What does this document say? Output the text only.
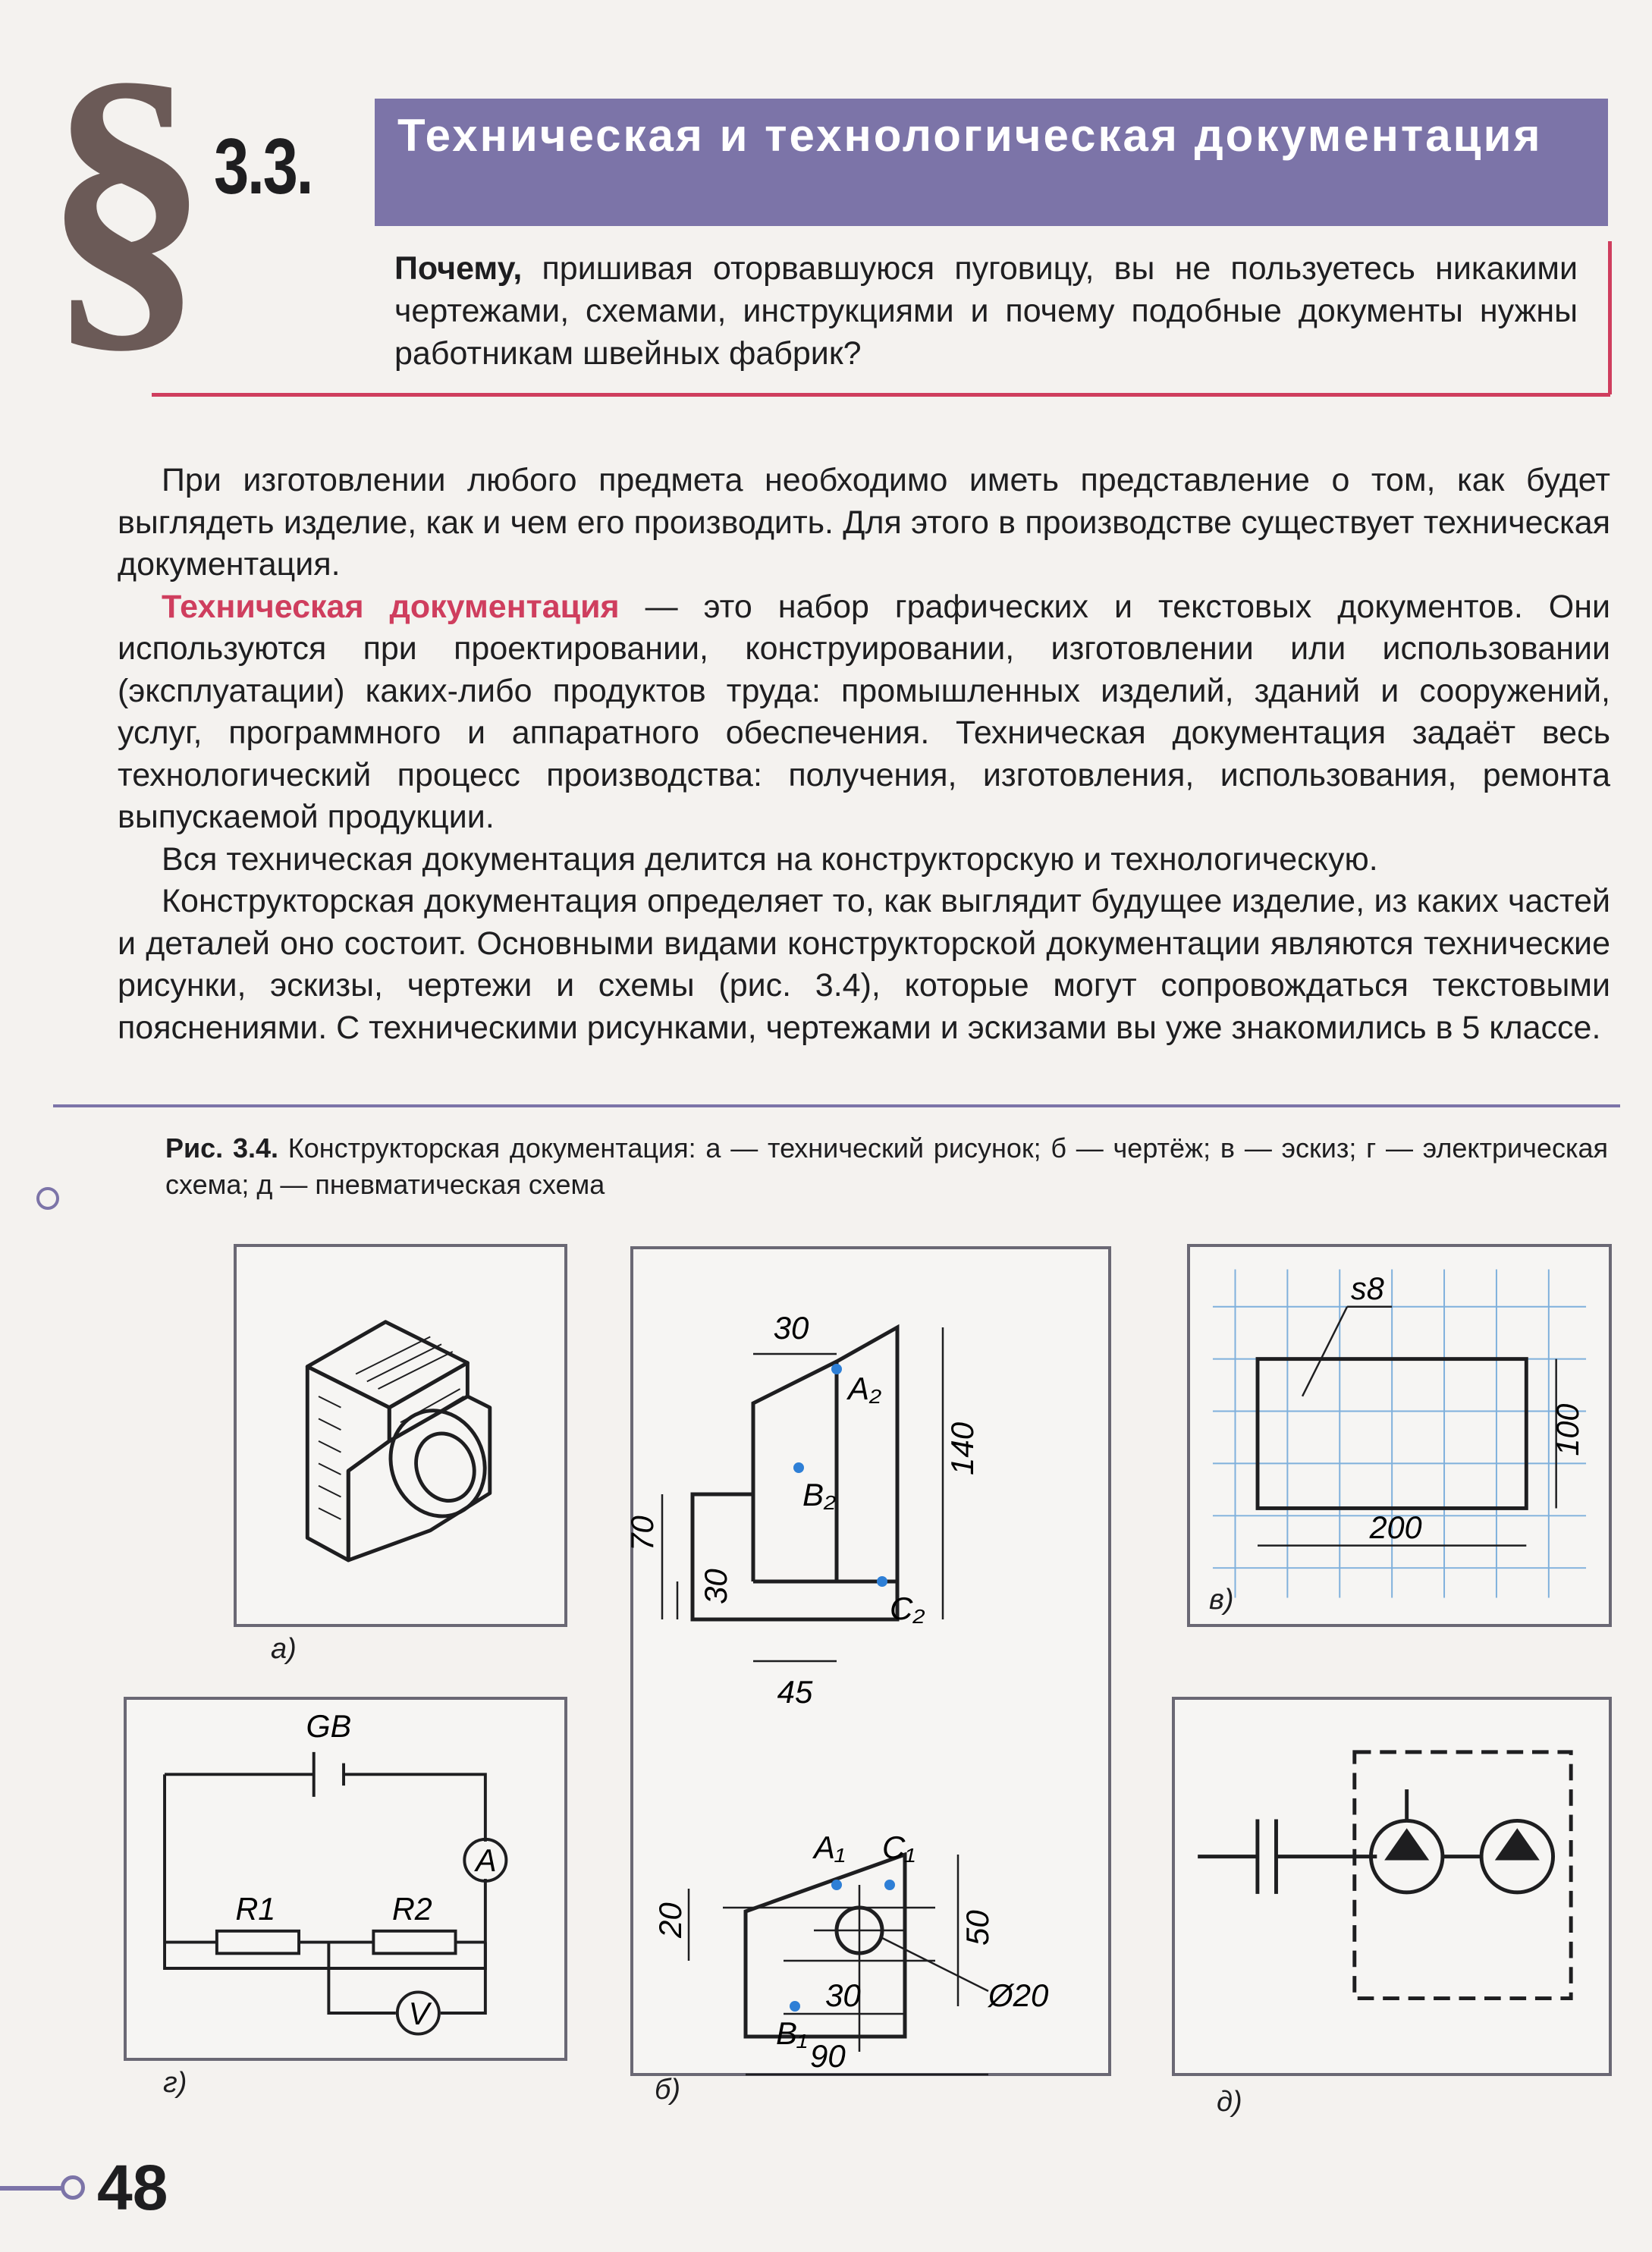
§ 3.3. Техническая и технологическая документация
Почему, пришивая оторвавшуюся пуговицу, вы не пользуетесь никакими чертежами, схемами, инструкциями и почему подобные документы нужны работникам швейных фабрик?

При изготовлении любого предмета необходимо иметь представление о том, как будет выглядеть изделие, как и чем его производить. Для этого в производстве существует техническая документация.

Техническая документация — это набор графических и текстовых документов. Они используются при проектировании, конструировании, изготовлении или использовании (эксплуатации) каких-либо продуктов труда: промышленных изделий, зданий и сооружений, услуг, программного и аппаратного обеспечения. Техническая документация задаёт весь технологический процесс производства: получения, изготовления, использования, ремонта выпускаемой продукции.

Вся техническая документация делится на конструкторскую и технологическую.

Конструкторская документация определяет то, как выглядит будущее изделие, из каких частей и деталей оно состоит. Основными видами конструкторской документации являются технические рисунки, эскизы, чертежи и схемы (рис. 3.4), которые могут сопровождаться текстовыми пояснениями. С техническими рисунками, чертежами и эскизами вы уже знакомились в 5 классе.

Рис. 3.4. Конструкторская документация: а — технический рисунок; б — чертёж; в — эскиз; г — электрическая схема; д — пневматическая схема
а)
30
140
70
30
45
20	50
30
90
Ø20
A₂
B₂
C₂
A₁ C₁
B₁
б)
s8
100
200
в)
GB
R1	R2
A
V
г)
д)
48
